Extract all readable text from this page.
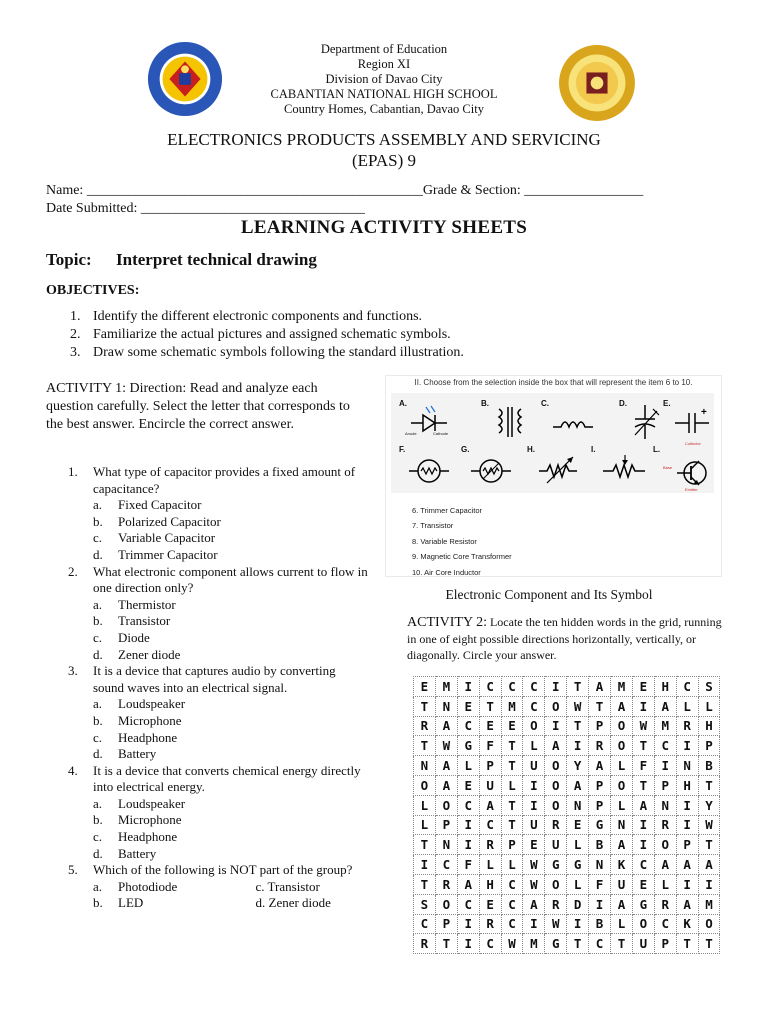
Department of Education
Region XI
Division of Davao City
CABANTIAN NATIONAL HIGH SCHOOL
Country Homes, Cabantian, Davao City
ELECTRONICS PRODUCTS ASSEMBLY AND SERVICING
(EPAS) 9
Name: ________________________________________________Grade & Section: _________________
Date Submitted: ________________________________
LEARNING ACTIVITY SHEETS
Topic: Interpret technical drawing
OBJECTIVES:
1. Identify the different electronic components and functions.
2. Familiarize the actual pictures and assigned schematic symbols.
3. Draw some schematic symbols following the standard illustration.
ACTIVITY 1: Direction: Read and analyze each question carefully. Select the letter that corresponds to the best answer. Encircle the correct answer.
1. What type of capacitor provides a fixed amount of capacitance?
a. Fixed Capacitor
b. Polarized Capacitor
c. Variable Capacitor
d. Trimmer Capacitor
2. What electronic component allows current to flow in one direction only?
a. Thermistor
b. Transistor
c. Diode
d. Zener diode
3. It is a device that captures audio by converting sound waves into an electrical signal.
a. Loudspeaker
b. Microphone
c. Headphone
d. Battery
4. It is a device that converts chemical energy directly into electrical energy.
a. Loudspeaker
b. Microphone
c. Headphone
d. Battery
5. Which of the following is NOT part of the group?
a. Photodiode	c. Transistor
b. LED	d. Zener diode
II. Choose from the selection inside the box that will represent the item 6 to 10.
A.
Anode	Cathode
B.	C.	D.	E.
+
F.	G.	H.	I.	L.
Collector
Base
Emitter
6. Trimmer Capacitor
7. Transistor
8. Variable Resistor
9. Magnetic Core Transformer
10. Air Core Inductor
Electronic Component and Its Symbol
ACTIVITY 2: Locate the ten hidden words in the grid, running in one of eight possible directions horizontally, vertically, or diagonally. Circle your answer.
E	M	I	C	C	C	I	T	A	M	E	H	C	S
T	N	E	T	M	C	O	W	T	A	I	A	L	L
R	A	C	E	E	O	I	T	P	O	W	M	R	H
T	W	G	F	T	L	A	I	R	O	T	C	I	P
N	A	L	P	T	U	O	Y	A	L	F	I	N	B
O	A	E	U	L	I	O	A	P	O	T	P	H	T
L	O	C	A	T	I	O	N	P	L	A	N	I	Y
L	P	I	C	T	U	R	E	G	N	I	R	I	W
T	N	I	R	P	E	U	L	B	A	I	O	P	T
I	C	F	L	L	W	G	G	N	K	C	A	A	A
T	R	A	H	C	W	O	L	F	U	E	L	I	I
S	O	C	E	C	A	R	D	I	A	G	R	A	M
C	P	I	R	C	I	W	I	B	L	O	C	K	O
R	T	I	C	W	M	G	T	C	T	U	P	T	T
